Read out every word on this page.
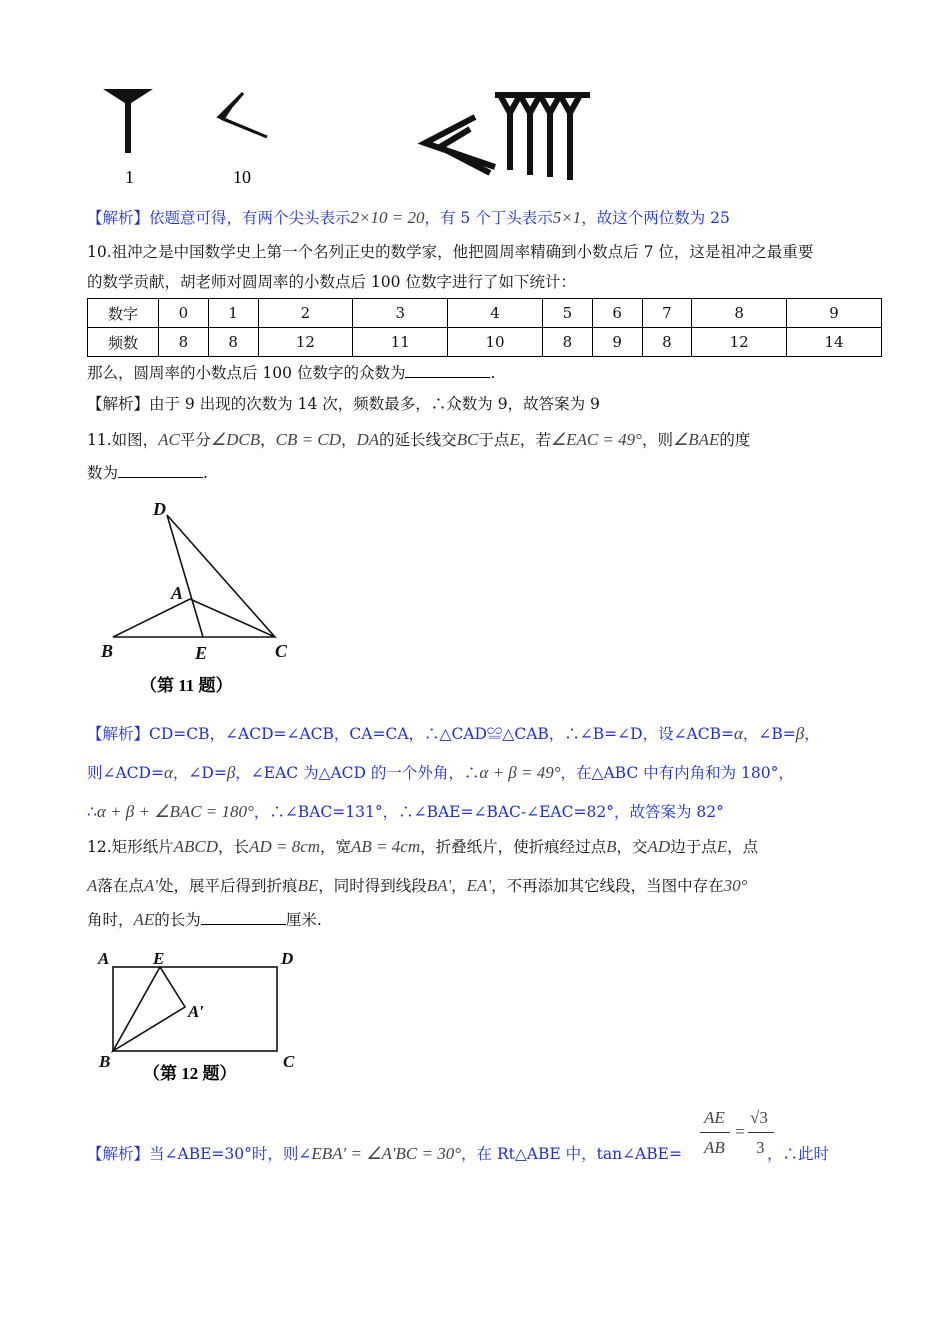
1	10
【解析】依题意可得，有两个尖头表示2×10 = 20，有 5 个丁头表示5×1，故这个两位数为 25
10.祖冲之是中国数学史上第一个名列正史的数学家，他把圆周率精确到小数点后 7 位，这是祖冲之最重要
的数学贡献，胡老师对圆周率的小数点后 100 位数字进行了如下统计：
数字	0	1	2	3	4	5	6	7	8	9
频数	8	8	12	11	10	8	9	8	12	14
那么，圆周率的小数点后 100 位数字的众数为	.
【解析】由于 9 出现的次数为 14 次，频数最多，∴众数为 9，故答案为 9
11.如图，AC平分∠DCB，CB = CD，DA的延长线交BC于点E，若∠EAC = 49°，则∠BAE的度
数为	.
D
A
B	E	C
（第 11 题）
【解析】CD=CB，∠ACD=∠ACB，CA=CA，∴△CAD≌△CAB，∴∠B=∠D，设∠ACB=α，∠B=β，
则∠ACD=α，∠D=β，∠EAC 为△ACD 的一个外角，∴α + β = 49°，在△ABC 中有内角和为 180°，
∴α + β + ∠BAC = 180°，∴∠BAC=131°，∴∠BAE=∠BAC-∠EAC=82°，故答案为 82°
12.矩形纸片ABCD，长AD = 8cm，宽AB = 4cm，折叠纸片，使折痕经过点B，交AD边于点E，点
A落在点A'处，展平后得到折痕BE，同时得到线段BA'，EA'，不再添加其它线段，当图中存在30°
角时，AE的长为	厘米.
A	E	D
A′
B	C
（第 12 题）
【解析】当∠ABE=30°时，则∠EBA′ = ∠A′BC = 30°，在 Rt△ABE 中，tan∠ABE=	，∴此时
AE
AB
=
√3
3
